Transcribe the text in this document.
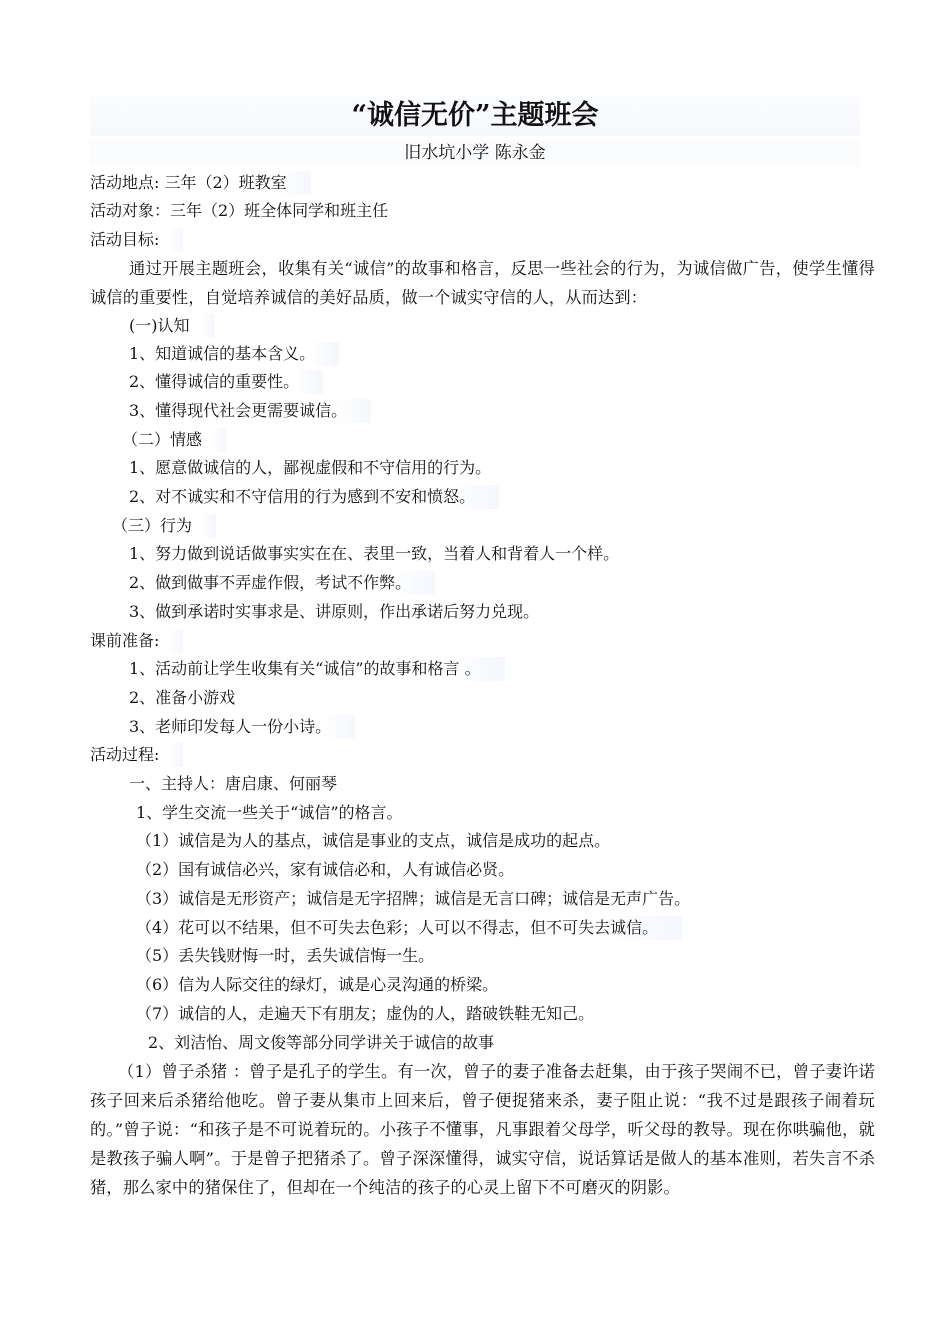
“诚信无价”主题班会
旧水坑小学 陈永金
活动地点: 三年（2）班教室
活动对象：三年（2）班全体同学和班主任
活动目标:
通过开展主题班会，收集有关“诚信”的故事和格言，反思一些社会的行为，为诚信做广告，使学生懂得诚信的重要性，自觉培养诚信的美好品质，做一个诚实守信的人，从而达到：
(一)认知
1、知道诚信的基本含义。
2、懂得诚信的重要性。
3、懂得现代社会更需要诚信。
（二）情感
1、愿意做诚信的人，鄙视虚假和不守信用的行为。
2、对不诚实和不守信用的行为感到不安和愤怒。
（三）行为
1、努力做到说话做事实实在在、表里一致，当着人和背着人一个样。
2、做到做事不弄虚作假，考试不作弊。
3、做到承诺时实事求是、讲原则，作出承诺后努力兑现。
课前准备:
1、活动前让学生收集有关“诚信”的故事和格言 。
2、准备小游戏
3、老师印发每人一份小诗。
活动过程:
一、主持人：唐启康、何丽琴
1、学生交流一些关于“诚信”的格言。
（1）诚信是为人的基点，诚信是事业的支点，诚信是成功的起点。
（2）国有诚信必兴，家有诚信必和，人有诚信必贤。
（3）诚信是无形资产；诚信是无字招牌；诚信是无言口碑；诚信是无声广告。
（4）花可以不结果，但不可失去色彩；人可以不得志，但不可失去诚信。
（5）丢失钱财悔一时，丢失诚信悔一生。
（6）信为人际交往的绿灯，诚是心灵沟通的桥梁。
（7）诚信的人，走遍天下有朋友；虚伪的人，踏破铁鞋无知己。
2、刘洁怡、周文俊等部分同学讲关于诚信的故事
（1）曾子杀猪 ：曾子是孔子的学生。有一次，曾子的妻子准备去赶集，由于孩子哭闹不已，曾子妻许诺孩子回来后杀猪给他吃。曾子妻从集市上回来后，曾子便捉猪来杀，妻子阻止说：“我不过是跟孩子闹着玩的。”曾子说：“和孩子是不可说着玩的。小孩子不懂事，凡事跟着父母学，听父母的教导。现在你哄骗他，就是教孩子骗人啊”。于是曾子把猪杀了。曾子深深懂得，诚实守信，说话算话是做人的基本准则，若失言不杀猪，那么家中的猪保住了，但却在一个纯洁的孩子的心灵上留下不可磨灭的阴影。
